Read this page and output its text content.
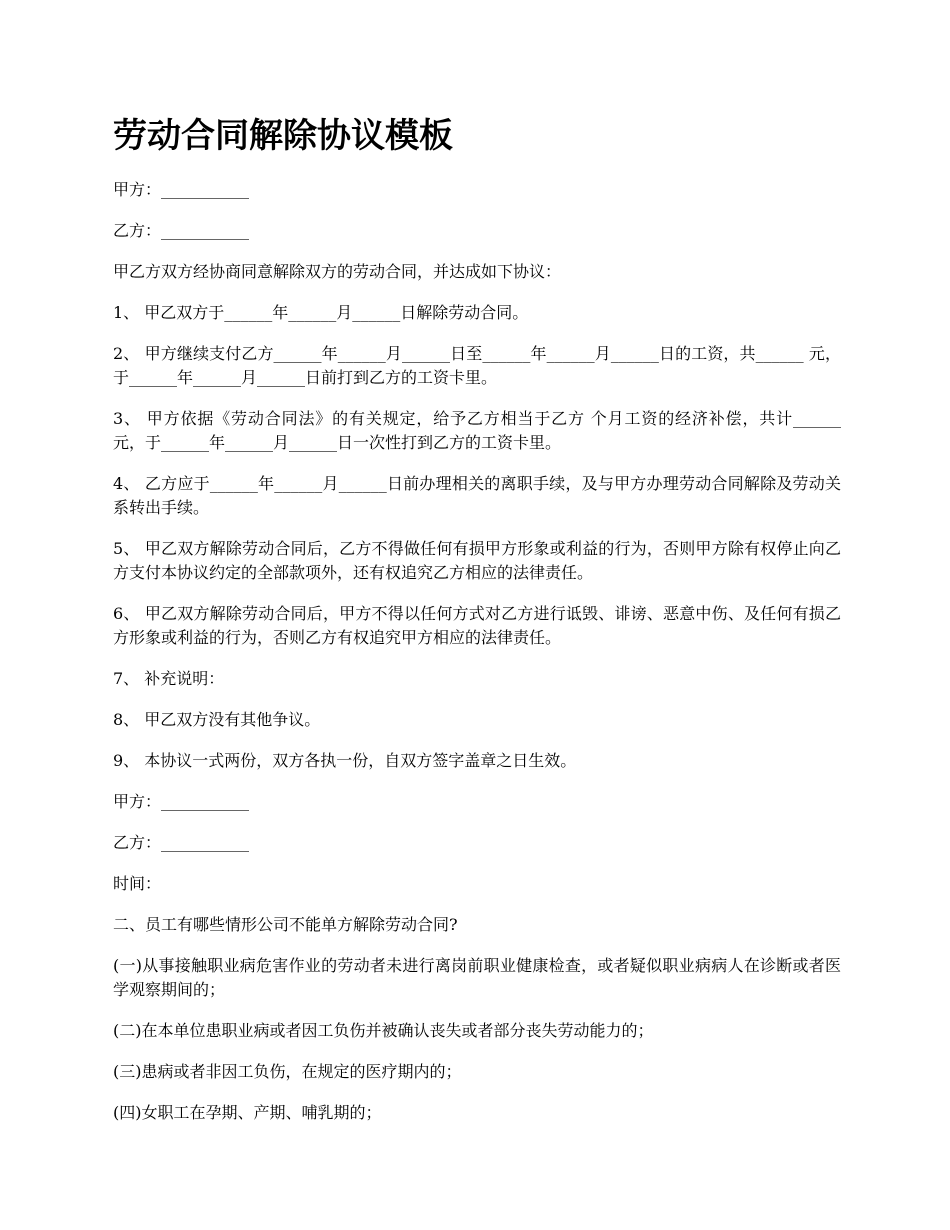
劳动合同解除协议模板

甲方：___________

乙方：___________

甲乙方双方经协商同意解除双方的劳动合同，并达成如下协议：

1、 甲乙双方于______年______月______日解除劳动合同。

2、 甲方继续支付乙方______年______月______日至______年______月______日的工资，共______ 元，于______年______月______日前打到乙方的工资卡里。

3、 甲方依据《劳动合同法》的有关规定，给予乙方相当于乙方 个月工资的经济补偿，共计______ 元，于______年______月______日一次性打到乙方的工资卡里。

4、 乙方应于______年______月______日前办理相关的离职手续，及与甲方办理劳动合同解除及劳动关系转出手续。

5、 甲乙双方解除劳动合同后，乙方不得做任何有损甲方形象或利益的行为，否则甲方除有权停止向乙方支付本协议约定的全部款项外，还有权追究乙方相应的法律责任。

6、 甲乙双方解除劳动合同后，甲方不得以任何方式对乙方进行诋毁、诽谤、恶意中伤、及任何有损乙方形象或利益的行为，否则乙方有权追究甲方相应的法律责任。

7、 补充说明：

8、 甲乙双方没有其他争议。

9、 本协议一式两份，双方各执一份，自双方签字盖章之日生效。

甲方：___________

乙方：___________

时间：

二、员工有哪些情形公司不能单方解除劳动合同?

(一)从事接触职业病危害作业的劳动者未进行离岗前职业健康检查，或者疑似职业病病人在诊断或者医学观察期间的；

(二)在本单位患职业病或者因工负伤并被确认丧失或者部分丧失劳动能力的；

(三)患病或者非因工负伤，在规定的医疗期内的；

(四)女职工在孕期、产期、哺乳期的；
